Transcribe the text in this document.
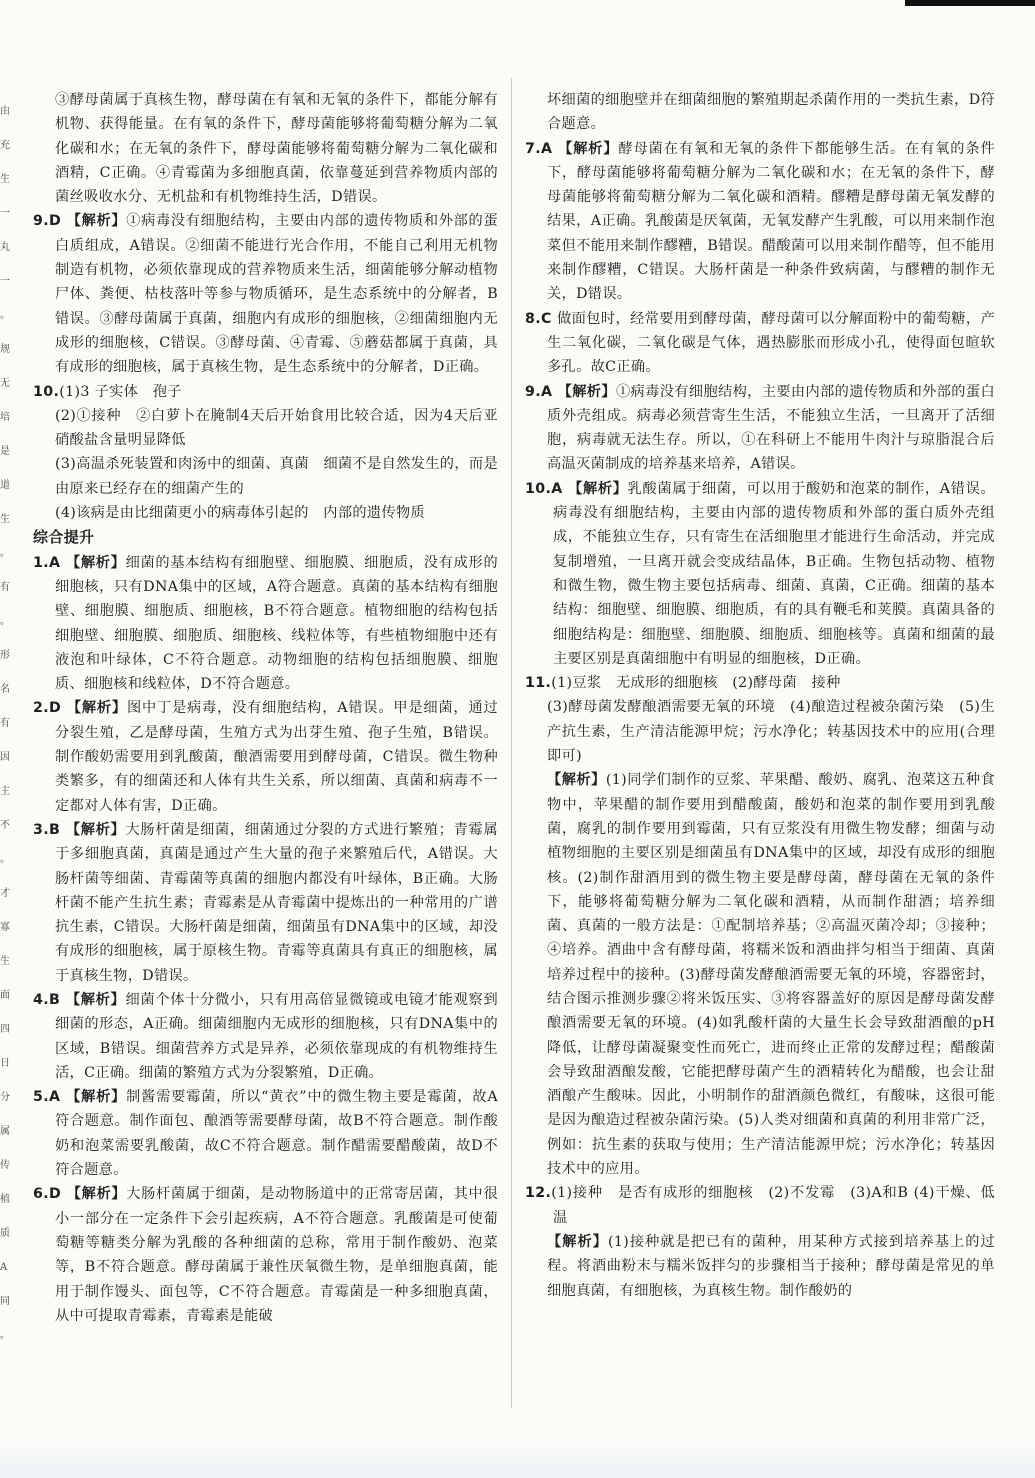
由
充
生
一
丸
一
。
规
无
培
是
道
生
。
有
。
形
名
有
因
主
不
。
才
寡
生
面
四
日
分
属
传
植
质
A
同
。

③酵母菌属于真核生物，酵母菌在有氧和无氧的条件下，都能分解有机物、获得能量。在有氧的条件下，酵母菌能够将葡萄糖分解为二氧化碳和水；在无氧的条件下，酵母菌能够将葡萄糖分解为二氧化碳和酒精，C正确。④青霉菌为多细胞真菌，依靠蔓延到营养物质内部的菌丝吸收水分、无机盐和有机物维持生活，D错误。

9.D 【解析】①病毒没有细胞结构，主要由内部的遗传物质和外部的蛋白质组成，A错误。②细菌不能进行光合作用，不能自己利用无机物制造有机物，必须依靠现成的营养物质来生活，细菌能够分解动植物尸体、粪便、枯枝落叶等参与物质循环，是生态系统中的分解者，B错误。③酵母菌属于真菌，细胞内有成形的细胞核，②细菌细胞内无成形的细胞核，C错误。③酵母菌、④青霉、⑤蘑菇都属于真菌，具有成形的细胞核，属于真核生物，是生态系统中的分解者，D正确。

10.(1)3 子实体　孢子

(2)①接种　②白萝卜在腌制4天后开始食用比较合适，因为4天后亚硝酸盐含量明显降低

(3)高温杀死装置和肉汤中的细菌、真菌　细菌不是自然发生的，而是由原来已经存在的细菌产生的

(4)该病是由比细菌更小的病毒体引起的　内部的遗传物质

综合提升

1.A 【解析】细菌的基本结构有细胞壁、细胞膜、细胞质，没有成形的细胞核，只有DNA集中的区域，A符合题意。真菌的基本结构有细胞壁、细胞膜、细胞质、细胞核，B不符合题意。植物细胞的结构包括细胞壁、细胞膜、细胞质、细胞核、线粒体等，有些植物细胞中还有液泡和叶绿体，C不符合题意。动物细胞的结构包括细胞膜、细胞质、细胞核和线粒体，D不符合题意。

2.D 【解析】图中丁是病毒，没有细胞结构，A错误。甲是细菌，通过分裂生殖，乙是酵母菌，生殖方式为出芽生殖、孢子生殖，B错误。制作酸奶需要用到乳酸菌，酿酒需要用到酵母菌，C错误。微生物种类繁多，有的细菌还和人体有共生关系，所以细菌、真菌和病毒不一定都对人体有害，D正确。

3.B 【解析】大肠杆菌是细菌，细菌通过分裂的方式进行繁殖；青霉属于多细胞真菌，真菌是通过产生大量的孢子来繁殖后代，A错误。大肠杆菌等细菌、青霉菌等真菌的细胞内都没有叶绿体，B正确。大肠杆菌不能产生抗生素；青霉素是从青霉菌中提炼出的一种常用的广谱抗生素，C错误。大肠杆菌是细菌，细菌虽有DNA集中的区域，却没有成形的细胞核，属于原核生物。青霉等真菌具有真正的细胞核，属于真核生物，D错误。

4.B 【解析】细菌个体十分微小，只有用高倍显微镜或电镜才能观察到细菌的形态，A正确。细菌细胞内无成形的细胞核，只有DNA集中的区域，B错误。细菌营养方式是异养，必须依靠现成的有机物维持生活，C正确。细菌的繁殖方式为分裂繁殖，D正确。

5.A 【解析】制酱需要霉菌，所以“黄衣”中的微生物主要是霉菌，故A符合题意。制作面包、酿酒等需要酵母菌，故B不符合题意。制作酸奶和泡菜需要乳酸菌，故C不符合题意。制作醋需要醋酸菌，故D不符合题意。

6.D 【解析】大肠杆菌属于细菌，是动物肠道中的正常寄居菌，其中很小一部分在一定条件下会引起疾病，A不符合题意。乳酸菌是可使葡萄糖等糖类分解为乳酸的各种细菌的总称，常用于制作酸奶、泡菜等，B不符合题意。酵母菌属于兼性厌氧微生物，是单细胞真菌，能用于制作馒头、面包等，C不符合题意。青霉菌是一种多细胞真菌，从中可提取青霉素，青霉素是能破

坏细菌的细胞壁并在细菌细胞的繁殖期起杀菌作用的一类抗生素，D符合题意。

7.A 【解析】酵母菌在有氧和无氧的条件下都能够生活。在有氧的条件下，酵母菌能够将葡萄糖分解为二氧化碳和水；在无氧的条件下，酵母菌能够将葡萄糖分解为二氧化碳和酒精。醪糟是酵母菌无氧发酵的结果，A正确。乳酸菌是厌氧菌，无氧发酵产生乳酸，可以用来制作泡菜但不能用来制作醪糟，B错误。醋酸菌可以用来制作醋等，但不能用来制作醪糟，C错误。大肠杆菌是一种条件致病菌，与醪糟的制作无关，D错误。

8.C 做面包时，经常要用到酵母菌，酵母菌可以分解面粉中的葡萄糖，产生二氧化碳，二氧化碳是气体，遇热膨胀而形成小孔，使得面包暄软多孔。故C正确。

9.A 【解析】①病毒没有细胞结构，主要由内部的遗传物质和外部的蛋白质外壳组成。病毒必须营寄生生活，不能独立生活，一旦离开了活细胞，病毒就无法生存。所以，①在科研上不能用牛肉汁与琼脂混合后高温灭菌制成的培养基来培养，A错误。

10.A 【解析】乳酸菌属于细菌，可以用于酸奶和泡菜的制作，A错误。病毒没有细胞结构，主要由内部的遗传物质和外部的蛋白质外壳组成，不能独立生存，只有寄生在活细胞里才能进行生命活动，并完成复制增殖，一旦离开就会变成结晶体，B正确。生物包括动物、植物和微生物，微生物主要包括病毒、细菌、真菌，C正确。细菌的基本结构：细胞壁、细胞膜、细胞质，有的具有鞭毛和荚膜。真菌具备的细胞结构是：细胞壁、细胞膜、细胞质、细胞核等。真菌和细菌的最主要区别是真菌细胞中有明显的细胞核，D正确。

11.(1)豆浆　无成形的细胞核　(2)酵母菌　接种

(3)酵母菌发酵酿酒需要无氧的环境　(4)酿造过程被杂菌污染　(5)生产抗生素，生产清洁能源甲烷；污水净化；转基因技术中的应用(合理即可)

【解析】(1)同学们制作的豆浆、苹果醋、酸奶、腐乳、泡菜这五种食物中，苹果醋的制作要用到醋酸菌，酸奶和泡菜的制作要用到乳酸菌，腐乳的制作要用到霉菌，只有豆浆没有用微生物发酵；细菌与动植物细胞的主要区别是细菌虽有DNA集中的区域，却没有成形的细胞核。(2)制作甜酒用到的微生物主要是酵母菌，酵母菌在无氧的条件下，能够将葡萄糖分解为二氧化碳和酒精，从而制作甜酒；培养细菌、真菌的一般方法是：①配制培养基；②高温灭菌冷却；③接种；④培养。酒曲中含有酵母菌，将糯米饭和酒曲拌匀相当于细菌、真菌培养过程中的接种。(3)酵母菌发酵酿酒需要无氧的环境，容器密封，结合图示推测步骤②将米饭压实、③将容器盖好的原因是酵母菌发酵酿酒需要无氧的环境。(4)如乳酸杆菌的大量生长会导致甜酒酿的pH降低，让酵母菌凝聚变性而死亡，进而终止正常的发酵过程；醋酸菌会导致甜酒酿发酸，它能把酵母菌产生的酒精转化为醋酸，也会让甜酒酿产生酸味。因此，小明制作的甜酒颜色微红，有酸味，这很可能是因为酿造过程被杂菌污染。(5)人类对细菌和真菌的利用非常广泛，例如：抗生素的获取与使用；生产清洁能源甲烷；污水净化；转基因技术中的应用。

12.(1)接种　是否有成形的细胞核　(2)不发霉　(3)A和B (4)干燥、低温

【解析】(1)接种就是把已有的菌种，用某种方式接到培养基上的过程。将酒曲粉末与糯米饭拌匀的步骤相当于接种；酵母菌是常见的单细胞真菌，有细胞核，为真核生物。制作酸奶的
